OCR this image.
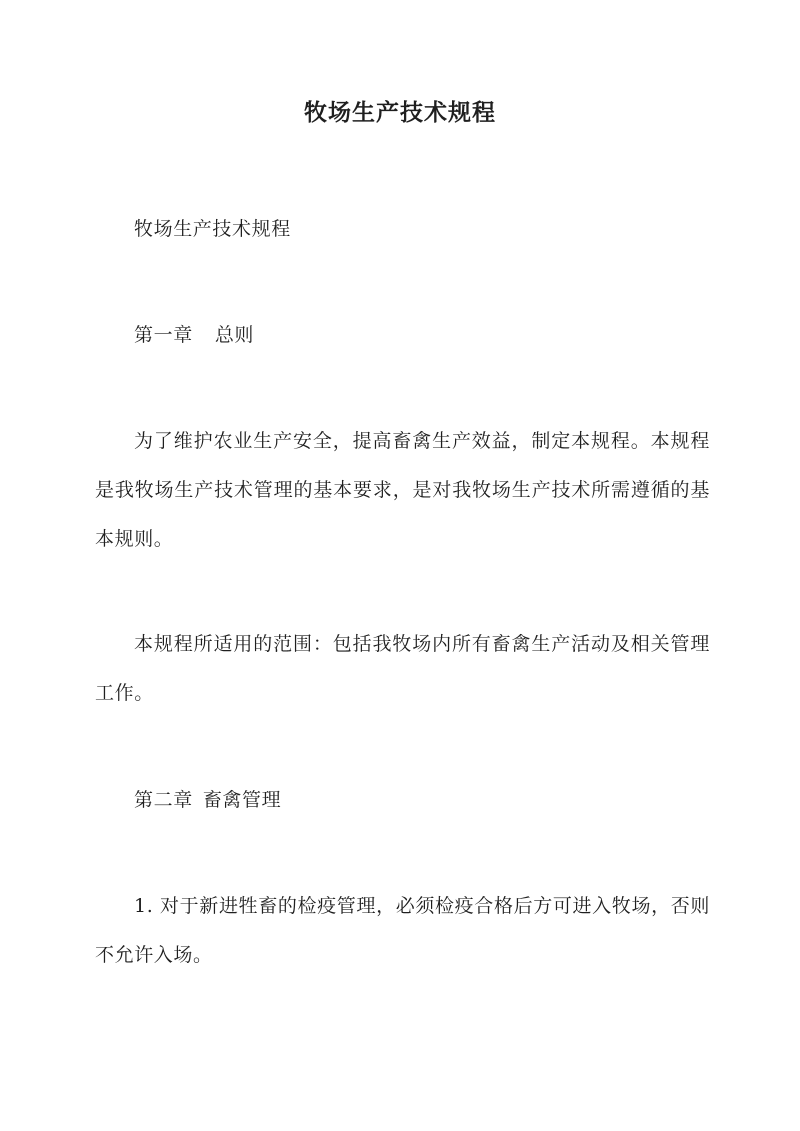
牧场生产技术规程

牧场生产技术规程

第一章 总则

为了维护农业生产安全，提高畜禽生产效益，制定本规程。本规程是我牧场生产技术管理的基本要求，是对我牧场生产技术所需遵循的基本规则。

本规程所适用的范围：包括我牧场内所有畜禽生产活动及相关管理工作。

第二章 畜禽管理

1. 对于新进牲畜的检疫管理，必须检疫合格后方可进入牧场，否则不允许入场。
